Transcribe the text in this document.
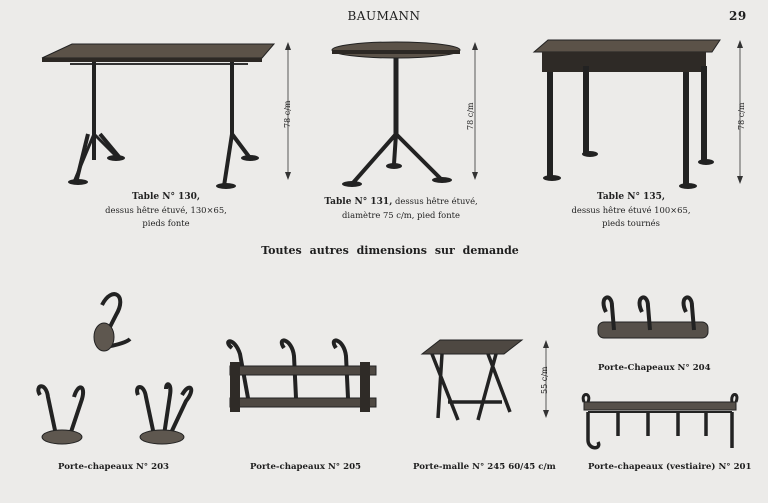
BAUMANN	29
78 c/m
Table N° 130,
dessus hêtre étuvé, 130×65,
pieds fonte
78 c/m
Table N° 131, dessus hêtre étuvé,
diamètre 75 c/m, pied fonte
78 c/m
Table N° 135,
dessus hêtre étuvé 100×65,
pieds tournés
Toutes autres dimensions sur demande
Porte-chapeaux N° 203	Porte-chapeaux N° 205
55 c/m
Porte-malle N° 245 60/45 c/m
Porte-Chapeaux N° 204
Porte-chapeaux (vestiaire) N° 201
